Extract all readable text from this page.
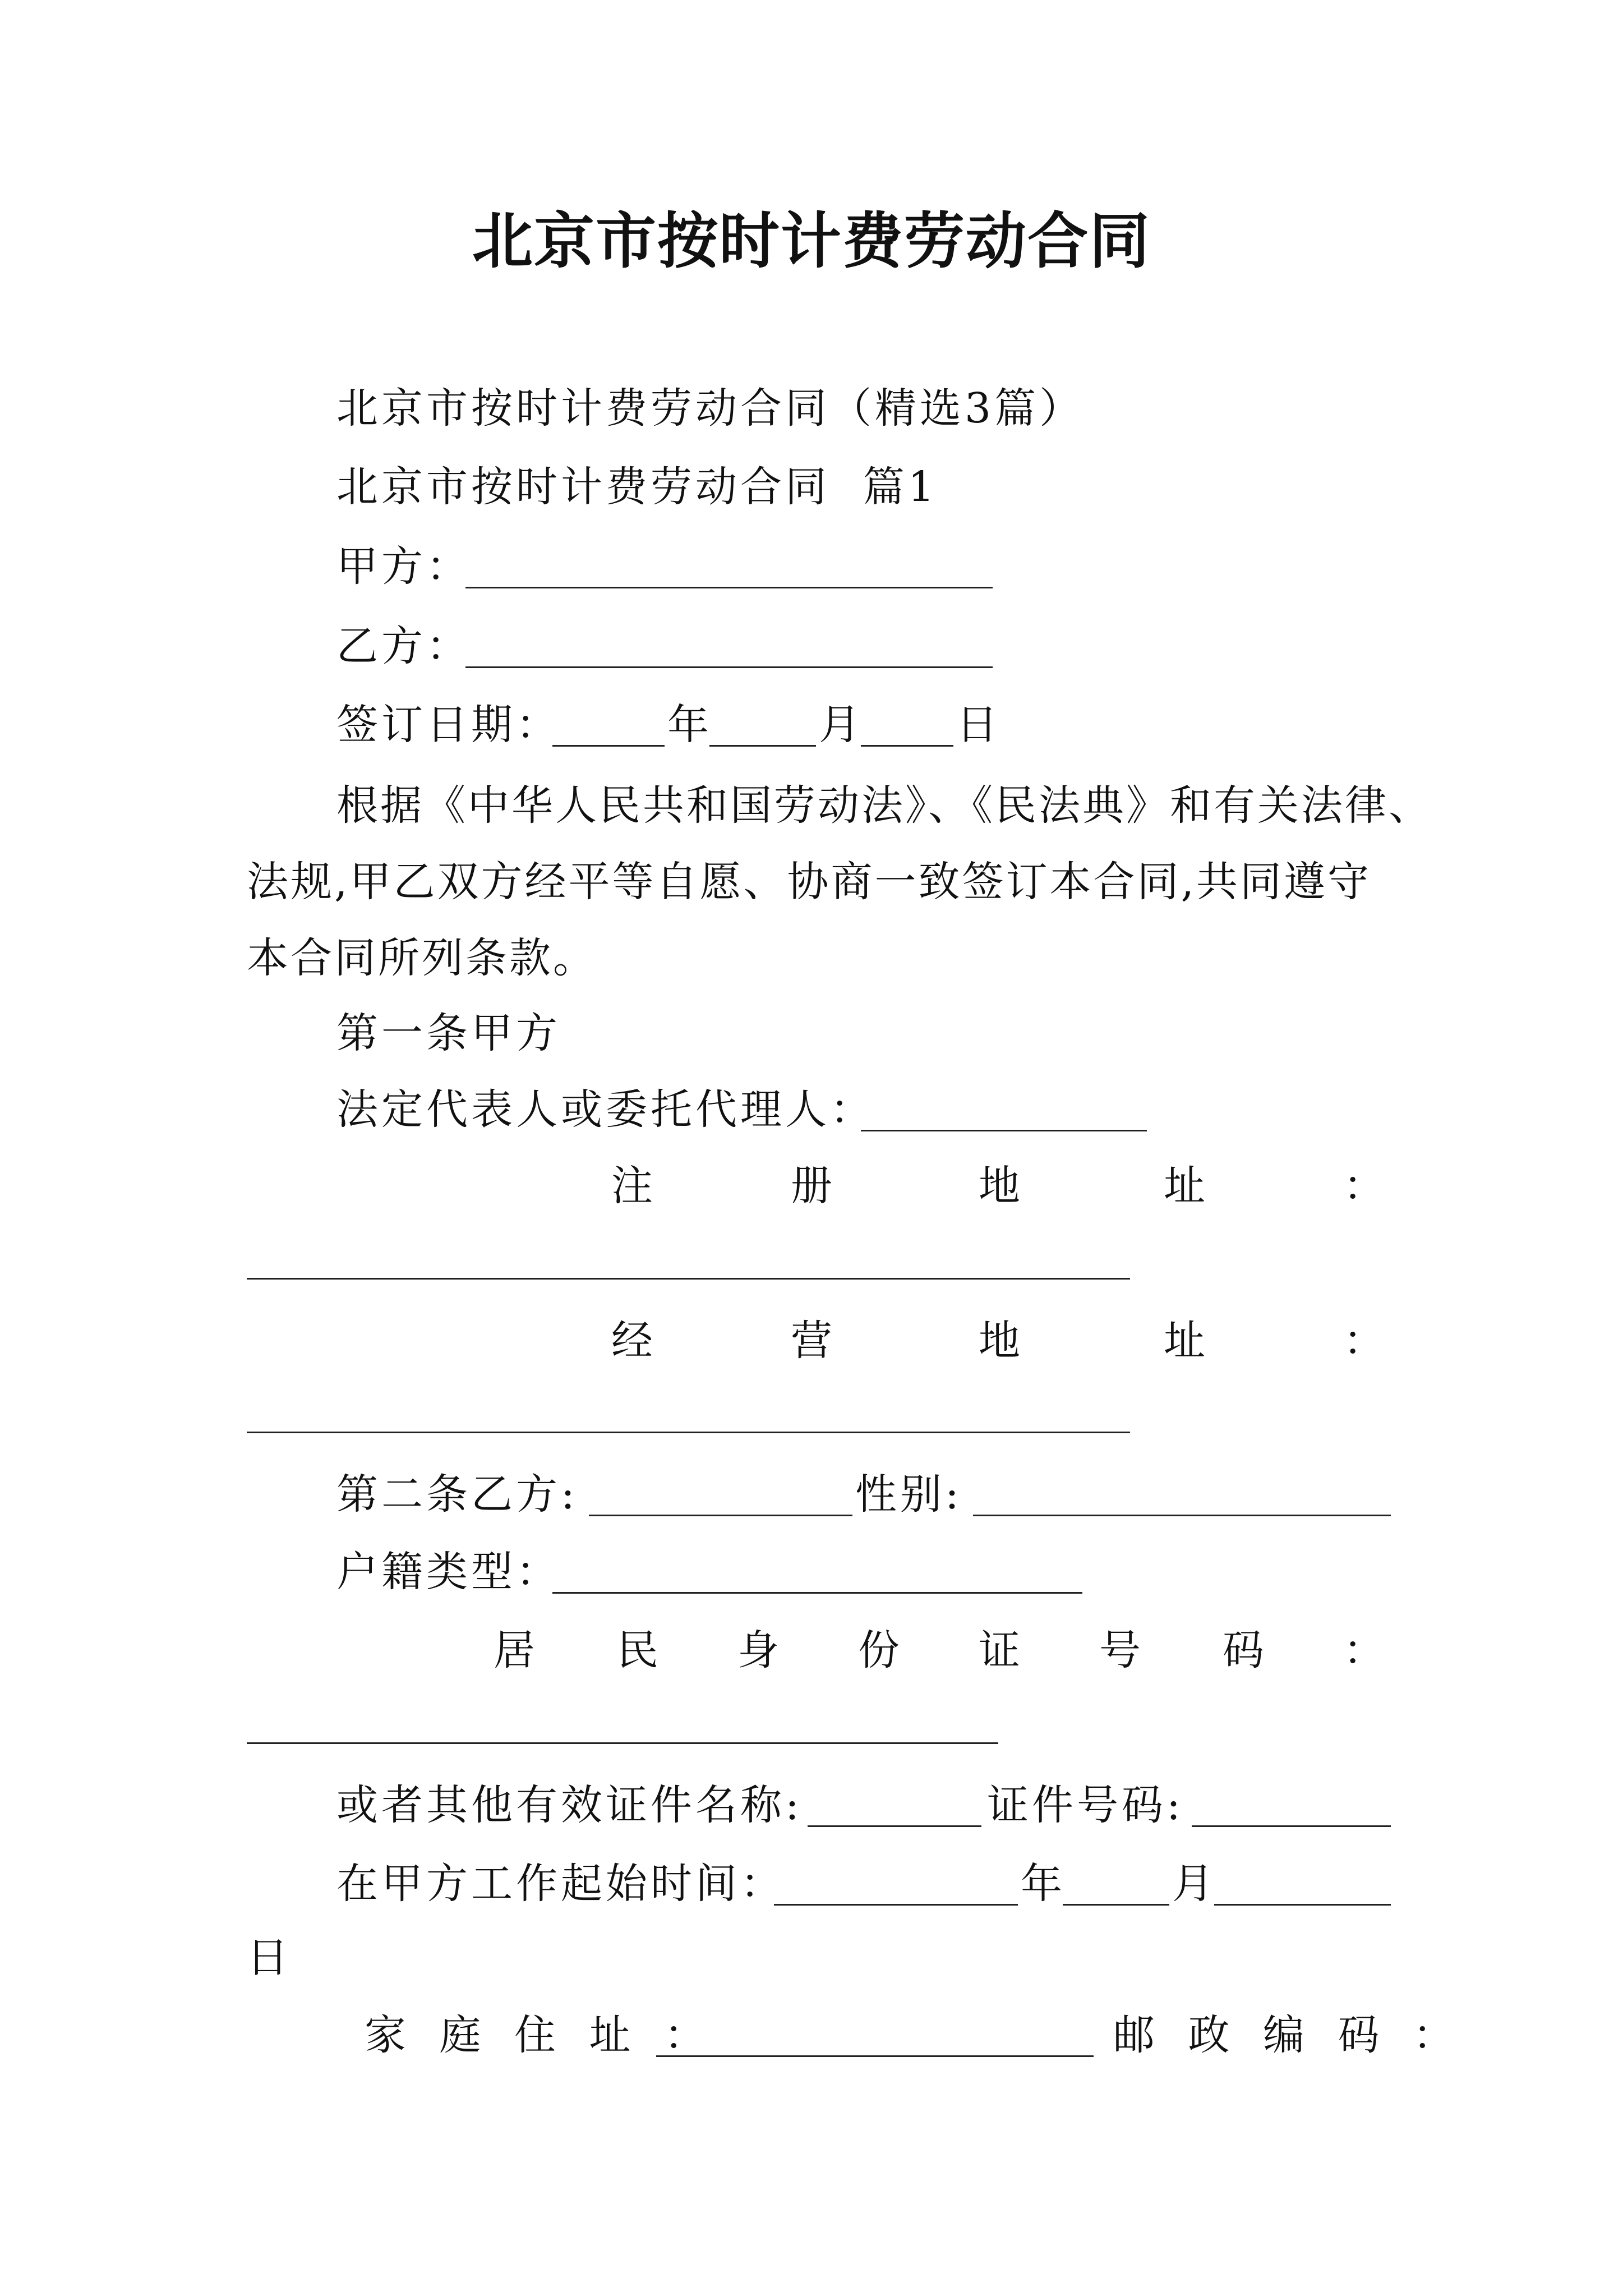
北京市按时计费劳动合同
北京市按时计费劳动合同（精选3篇）
北京市按时计费劳动合同  篇1
甲方：
乙方：
签订日期：	年	月 日
根据《中华人民共和国劳动法》、《民法典》和有关法律、
法规,甲乙双方经平等自愿、协商一致签订本合同,共同遵守
本合同所列条款。
第一条甲方
法定代表人或委托代理人：
注	册	地	址	：
经	营	地	址	：
第二条乙方:	性别:
户籍类型：
居 民 身 份 证 号 码 ：
或者其他有效证件名称:	证件号码:
在甲方工作起始时间：	年	月
日
家 庭 住 址 ：	邮 政 编 码 ：
